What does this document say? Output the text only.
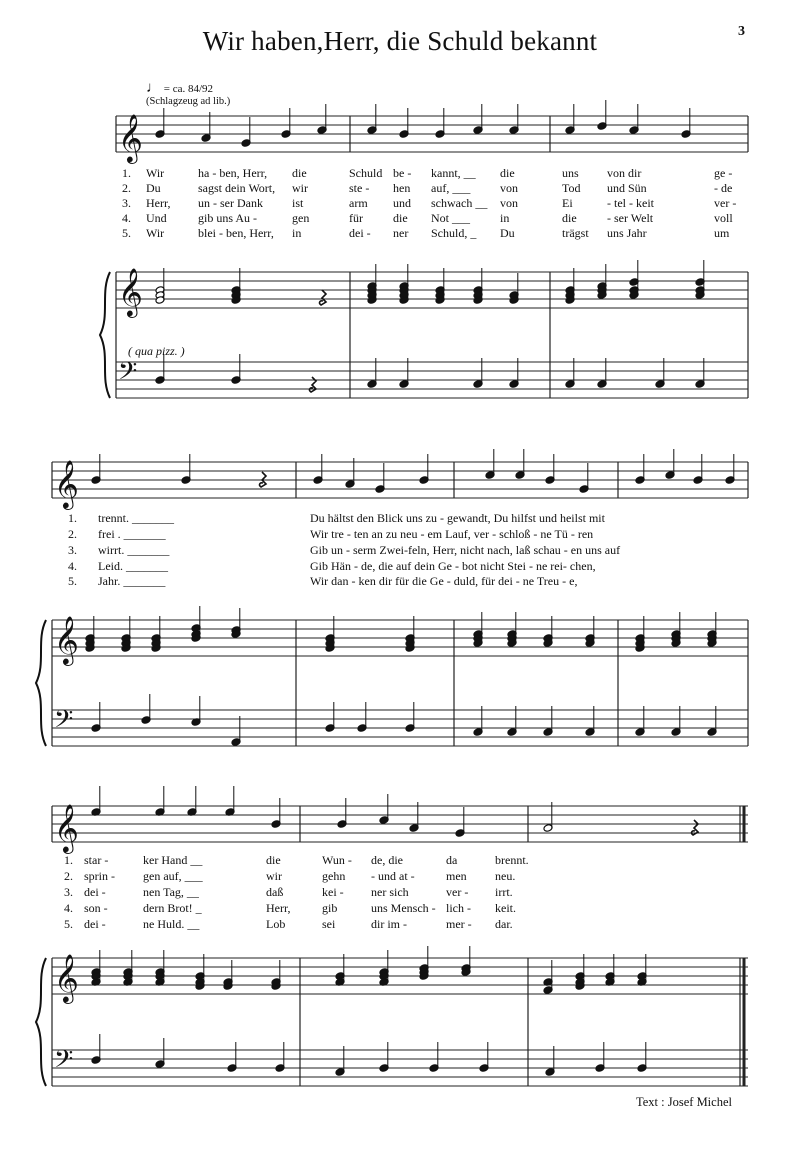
Wir haben,Herr, die Schuld bekannt	3
♩ = ca. 84/92
(Schlagzeug ad lib.)
( qua pizz. )
𝄞
𝄞
𝄢
𝄞
𝄞
𝄢
𝄞
𝄞
𝄢
1. Wir	ha - ben, Herr, die	Schuld be - kannt, __ die	uns von dir	ge -
2. Du	sagst dein Wort, wir	ste - hen auf, ___ von	Tod und Sün	- de
3. Herr, un - ser Dank ist	arm und schwach __ von	Ei	- tel - keit	ver -
4. Und	gib uns Au -	gen	für	die Not ___	in	die	- ser Welt	voll
5. Wir	blei - ben, Herr, in	dei - ner Schuld, _ Du	trägst uns Jahr	um
1. trennt. _______	Du hältst den Blick uns zu - gewandt, Du hilfst und heilst mit
2. frei . _______	Wir tre - ten an zu neu - em Lauf, ver - schloß - ne Tü - ren
3. wirrt. _______	Gib un - serm Zwei-feln, Herr, nicht nach, laß schau - en uns auf
4. Leid. _______	Gib Hän - de, die auf dein Ge - bot nicht Stei - ne rei- chen,
5. Jahr. _______	Wir dan - ken dir für die Ge - duld, für dei - ne Treu - e,
1. star -	ker Hand __	die	Wun - de, die	da	brennt.
2. sprin - gen auf, ___	wir	gehn - und at -	men neu.
3. dei -	nen Tag, __	daß	kei - ner sich	ver - irrt.
4. son -	dern Brot! _	Herr,	gib	uns Mensch - lich - keit.
5. dei -	ne Huld. __	Lob	sei	dir im -	mer - dar.
Text : Josef Michel
